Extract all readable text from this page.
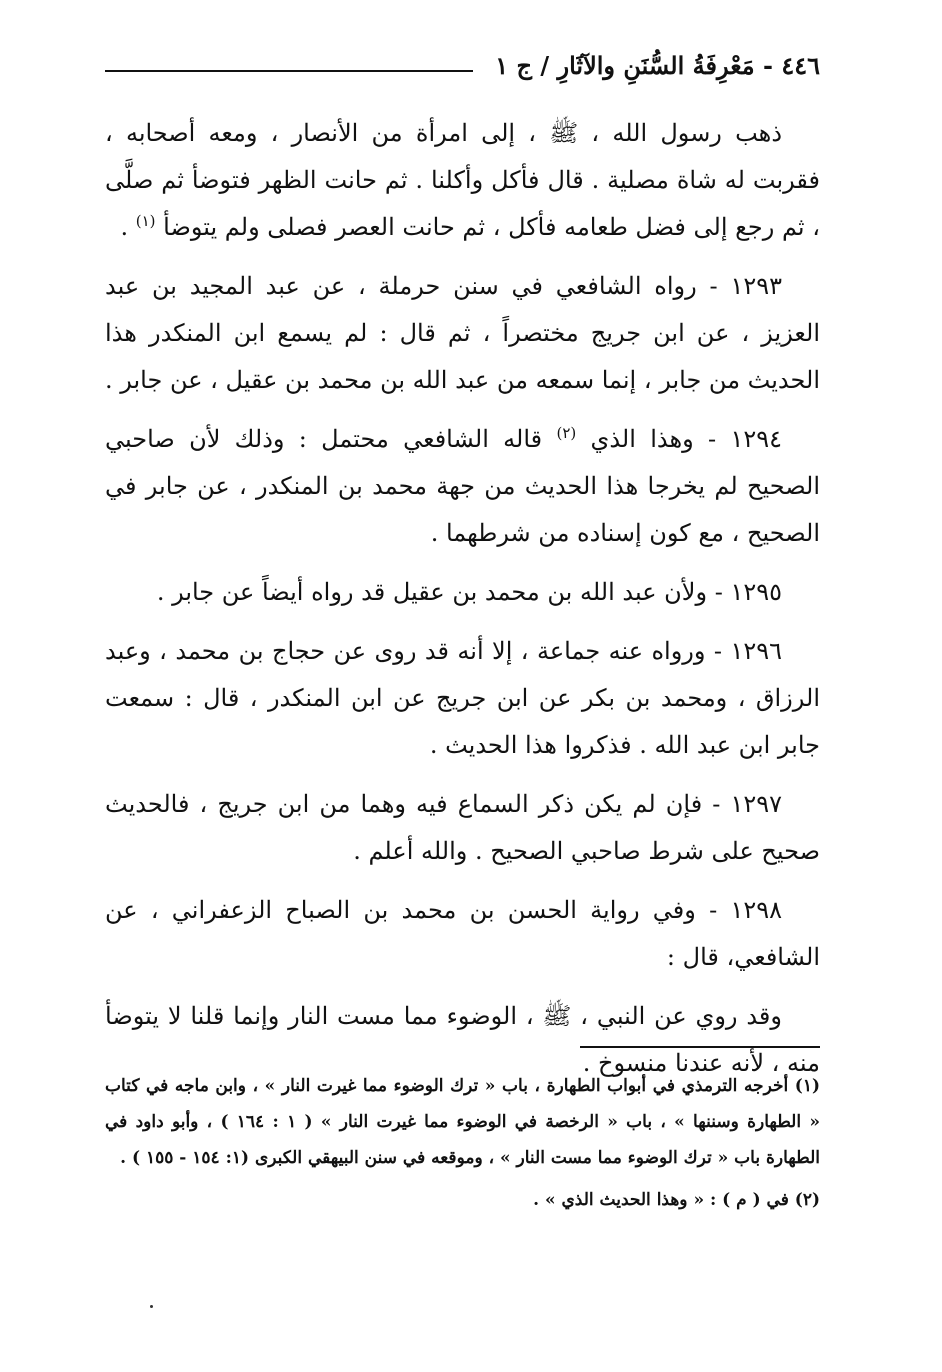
٤٤٦ - مَعْرِفَةُ السُّنَنِ والآثَارِ / ج ١

ذهب رسول الله ، ﷺ ، إلى امرأة من الأنصار ، ومعه أصحابه ، فقربت له شاة مصلية . قال فأكل وأكلنا . ثم حانت الظهر فتوضأ ثم صلَّى ، ثم رجع إلى فضل طعامه فأكل ، ثم حانت العصر فصلى ولم يتوضأ $^{(١)}$ .

١٢٩٣ - رواه الشافعي في سنن حرملة ، عن عبد المجيد بن عبد العزيز ، عن ابن جريج مختصراً ، ثم قال : لم يسمع ابن المنكدر هذا الحديث من جابر ، إنما سمعه من عبد الله بن محمد بن عقيل ، عن جابر .

١٢٩٤ - وهذا الذي $^{(٢)}$ قاله الشافعي محتمل : وذلك لأن صاحبي الصحيح لم يخرجا هذا الحديث من جهة محمد بن المنكدر ، عن جابر في الصحيح ، مع كون إسناده من شرطهما .

١٢٩٥ - ولأن عبد الله بن محمد بن عقيل قد رواه أيضاً عن جابر .

١٢٩٦ - ورواه عنه جماعة ، إلا أنه قد روى عن حجاج بن محمد ، وعبد الرزاق ، ومحمد بن بكر عن ابن جريج عن ابن المنكدر ، قال : سمعت جابر ابن عبد الله . فذكروا هذا الحديث .

١٢٩٧ - فإن لم يكن ذكر السماع فيه وهما من ابن جريج ، فالحديث صحيح على شرط صاحبي الصحيح . والله أعلم .

١٢٩٨ - وفي رواية الحسن بن محمد بن الصباح الزعفراني ، عن الشافعي، قال :

وقد روي عن النبي ، ﷺ ، الوضوء مما مست النار وإنما قلنا لا يتوضأ منه ، لأنه عندنا منسوخ .

(١) أخرجه الترمذي في أبواب الطهارة ، باب « ترك الوضوء مما غيرت النار » ، وابن ماجه في كتاب « الطهارة وسننها » ، باب « الرخصة في الوضوء مما غيرت النار » ( ١ : ١٦٤ ) ، وأبو داود في الطهارة باب « ترك الوضوء مما مست النار » ، وموقعه في سنن البيهقي الكبرى (١: ١٥٤ - ١٥٥ ) .

(٢) في ( م ) : « وهذا الحديث الذي » .
